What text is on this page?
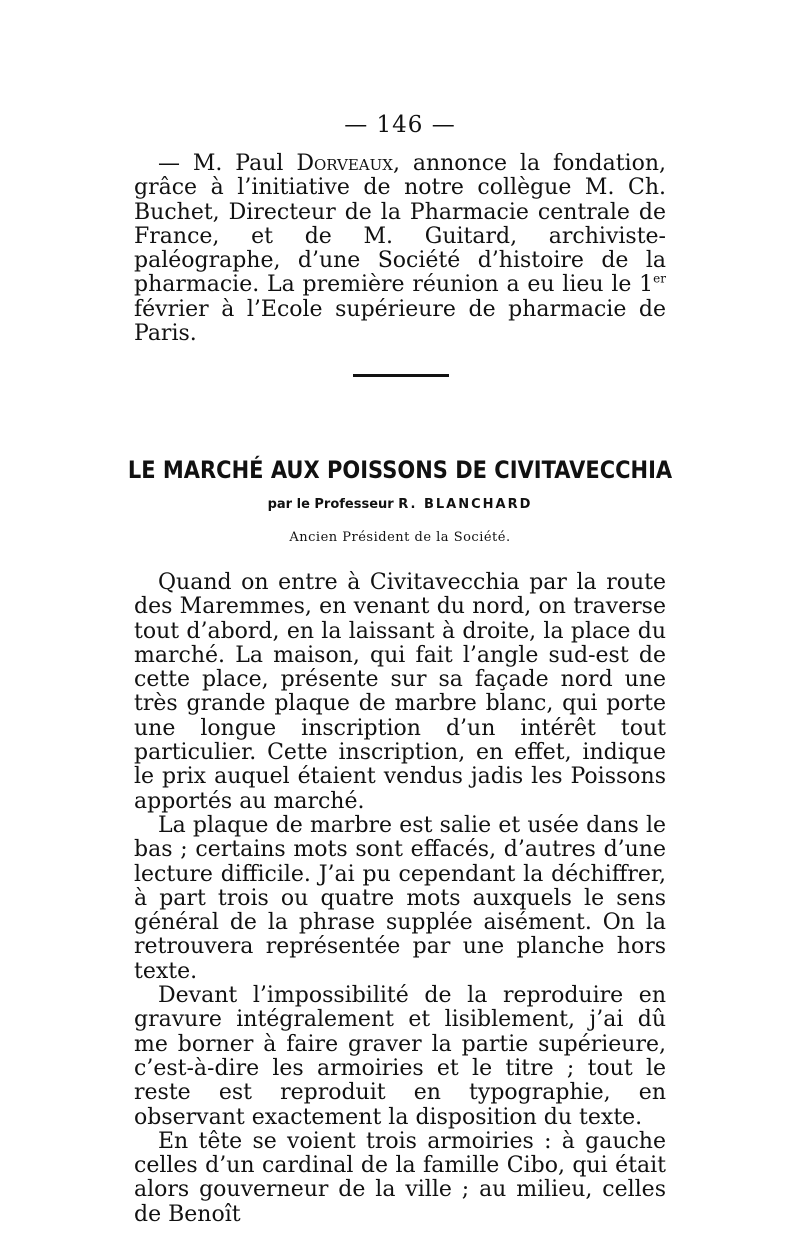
— 146 —

— M. Paul Dorveaux, annonce la fondation, grâce à l’initiative de notre collègue M. Ch. Buchet, Directeur de la Pharmacie centrale de France, et de M. Guitard, archiviste-paléographe, d’une Société d’histoire de la pharmacie. La première réunion a eu lieu le 1er février à l’Ecole supérieure de pharmacie de Paris.

LE MARCHÉ AUX POISSONS DE CIVITAVECCHIA
par le Professeur R. BLANCHARD
Ancien Président de la Société.

Quand on entre à Civitavecchia par la route des Maremmes, en venant du nord, on traverse tout d’abord, en la laissant à droite, la place du marché. La maison, qui fait l’angle sud-est de cette place, présente sur sa façade nord une très grande plaque de marbre blanc, qui porte une longue inscription d’un intérêt tout particulier. Cette inscription, en effet, indique le prix auquel étaient vendus jadis les Poissons apportés au marché.

La plaque de marbre est salie et usée dans le bas ; certains mots sont effacés, d’autres d’une lecture difficile. J’ai pu cependant la déchiffrer, à part trois ou quatre mots auxquels le sens général de la phrase supplée aisément. On la retrouvera représentée par une planche hors texte.

Devant l’impossibilité de la reproduire en gravure intégralement et lisiblement, j’ai dû me borner à faire graver la partie supérieure, c’est-à-dire les armoiries et le titre ; tout le reste est reproduit en typographie, en observant exactement la disposition du texte.

En tête se voient trois armoiries : à gauche celles d’un cardinal de la famille Cibo, qui était alors gouverneur de la ville ; au milieu, celles de Benoît
